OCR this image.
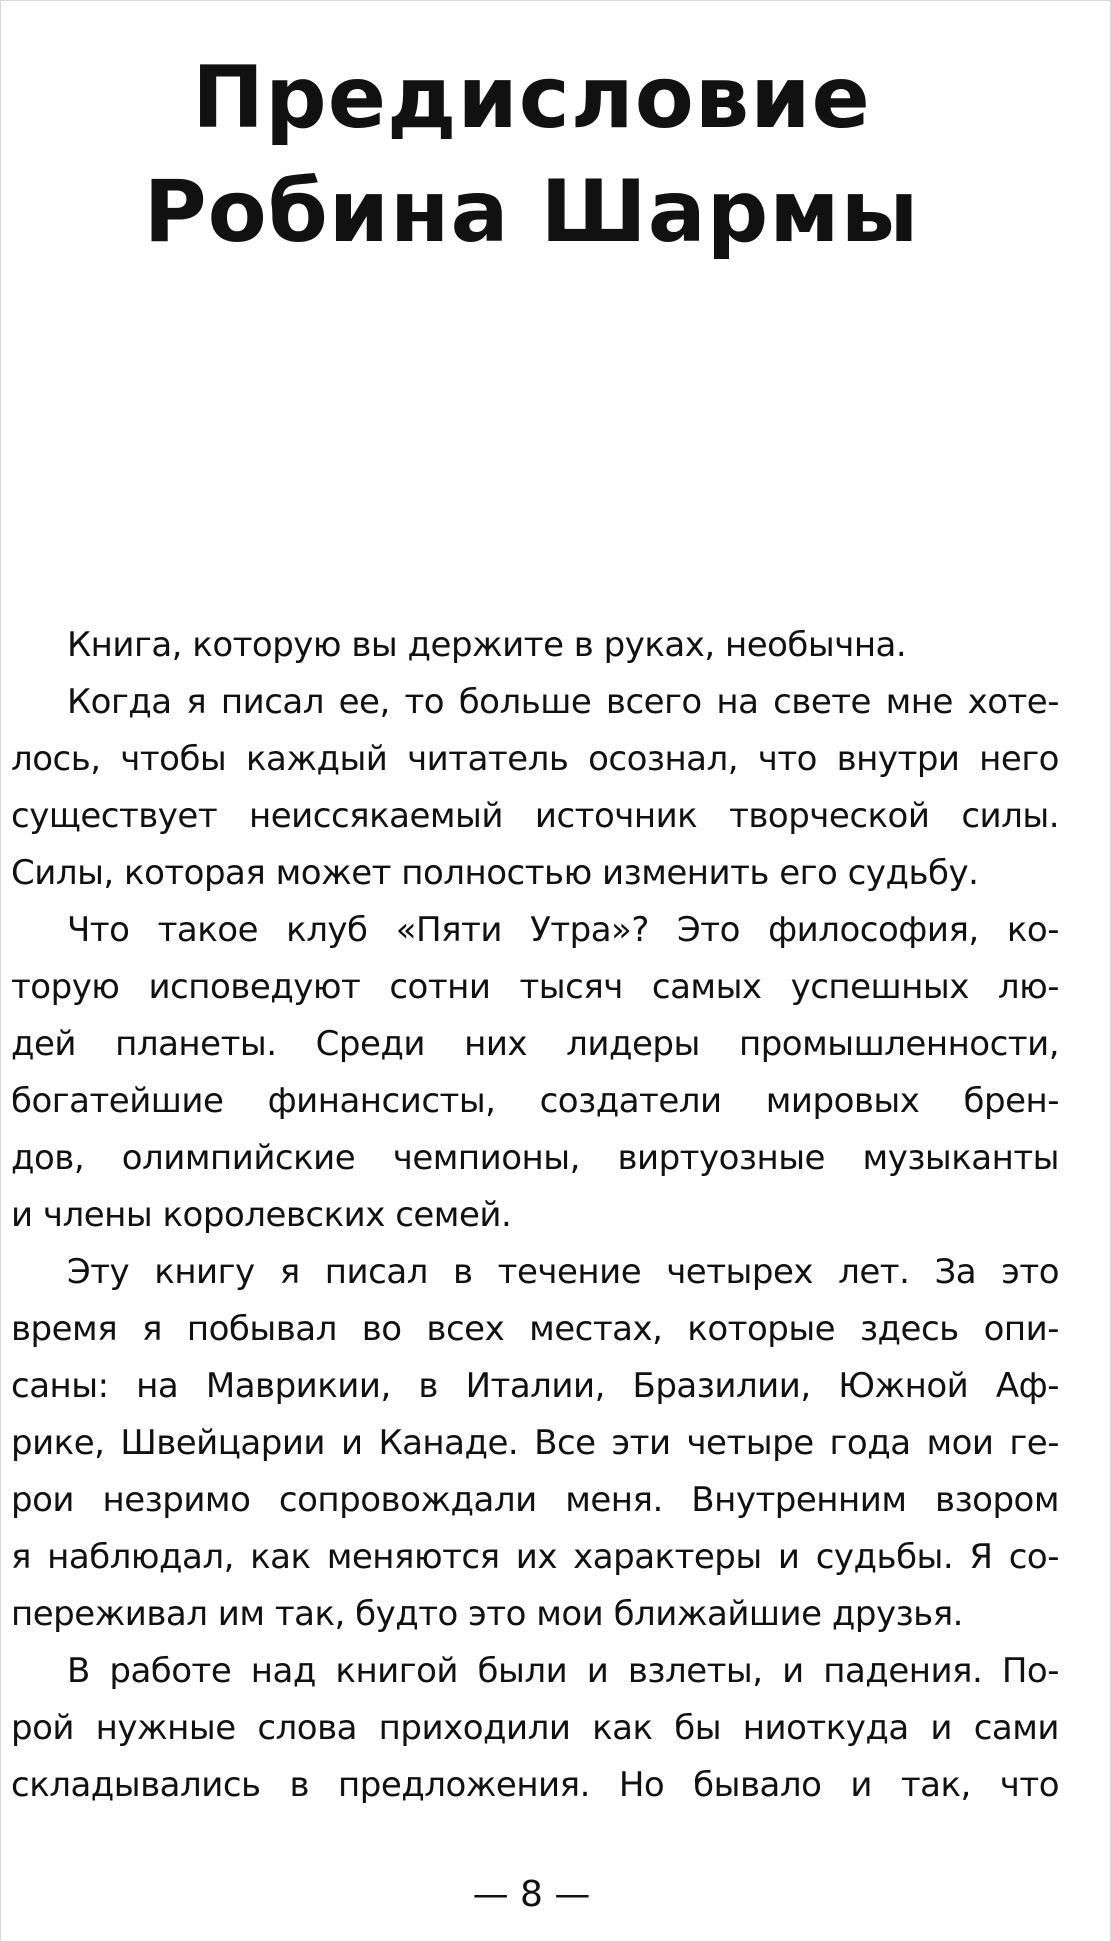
Предисловие
Робина Шармы
Книга, которую вы держите в руках, необычна.
Когда я писал ее, то больше всего на свете мне хоте-
лось, чтобы каждый читатель осознал, что внутри него
существует неиссякаемый источник творческой силы.
Силы, которая может полностью изменить его судьбу.
Что такое клуб «Пяти Утра»? Это философия, ко-
торую исповедуют сотни тысяч самых успешных лю-
дей планеты. Среди них лидеры промышленности,
богатейшие финансисты, создатели мировых брен-
дов, олимпийские чемпионы, виртуозные музыканты
и члены королевских семей.
Эту книгу я писал в течение четырех лет. За это
время я побывал во всех местах, которые здесь опи-
саны: на Маврикии, в Италии, Бразилии, Южной Аф-
рике, Швейцарии и Канаде. Все эти четыре года мои ге-
рои незримо сопровождали меня. Внутренним взором
я наблюдал, как меняются их характеры и судьбы. Я со-
переживал им так, будто это мои ближайшие друзья.
В работе над книгой были и взлеты, и падения. По-
рой нужные слова приходили как бы ниоткуда и сами
складывались в предложения. Но бывало и так, что
— 8 —
